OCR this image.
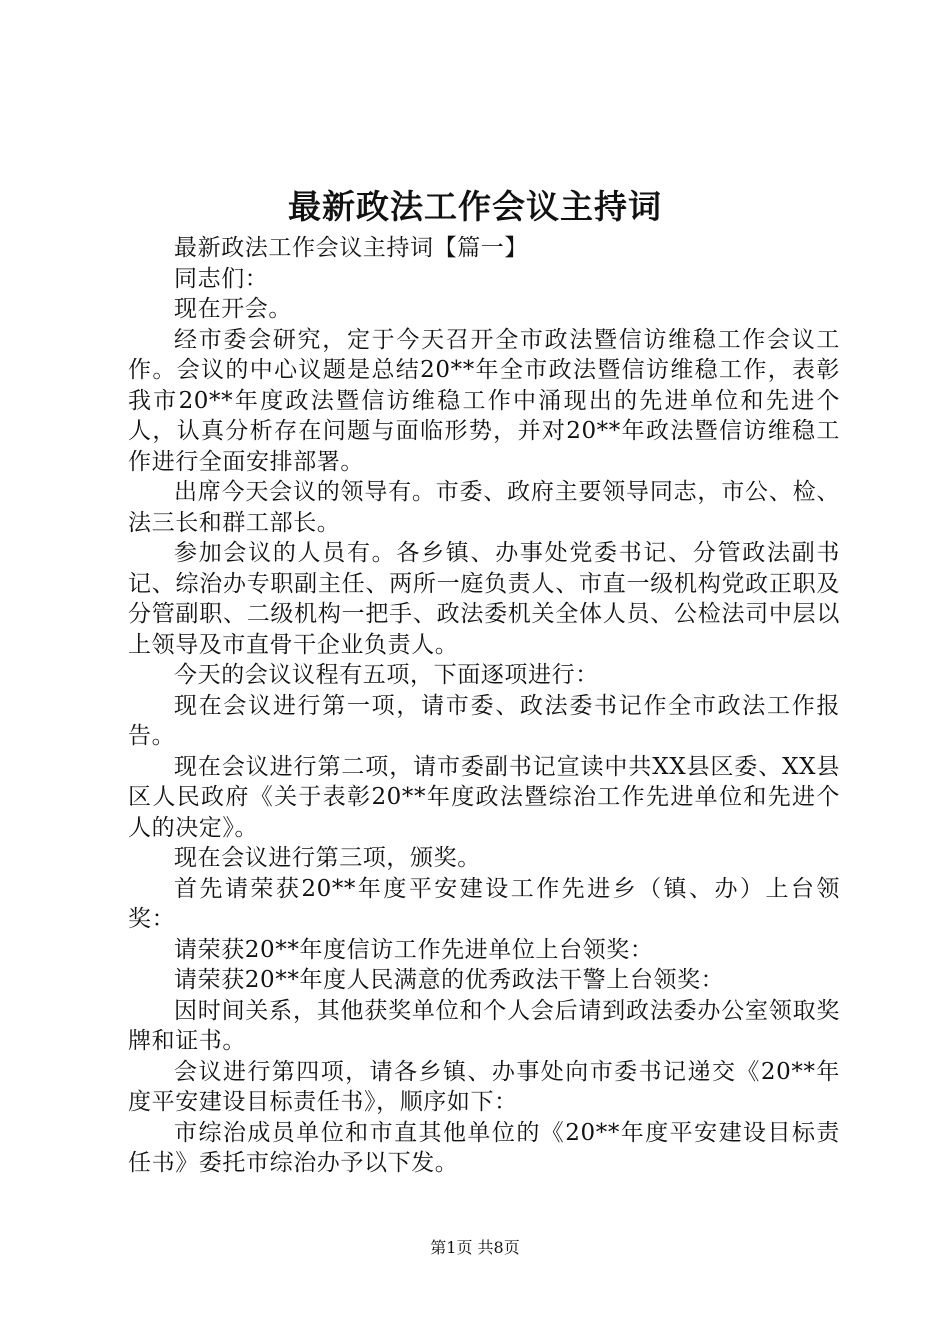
最新政法工作会议主持词

最新政法工作会议主持词【篇一】

同志们：

现在开会。

经市委会研究，定于今天召开全市政法暨信访维稳工作会议工作。会议的中心议题是总结20**年全市政法暨信访维稳工作，表彰我市20**年度政法暨信访维稳工作中涌现出的先进单位和先进个人，认真分析存在问题与面临形势，并对20**年政法暨信访维稳工作进行全面安排部署。

出席今天会议的领导有。市委、政府主要领导同志，市公、检、法三长和群工部长。

参加会议的人员有。各乡镇、办事处党委书记、分管政法副书记、综治办专职副主任、两所一庭负责人、市直一级机构党政正职及分管副职、二级机构一把手、政法委机关全体人员、公检法司中层以上领导及市直骨干企业负责人。

今天的会议议程有五项，下面逐项进行：

现在会议进行第一项，请市委、政法委书记作全市政法工作报告。

现在会议进行第二项，请市委副书记宣读中共XX县区委、XX县区人民政府《关于表彰20**年度政法暨综治工作先进单位和先进个人的决定》。

现在会议进行第三项，颁奖。

首先请荣获20**年度平安建设工作先进乡（镇、办）上台领奖：

请荣获20**年度信访工作先进单位上台领奖：

请荣获20**年度人民满意的优秀政法干警上台领奖：

因时间关系，其他获奖单位和个人会后请到政法委办公室领取奖牌和证书。

会议进行第四项，请各乡镇、办事处向市委书记递交《20**年度平安建设目标责任书》，顺序如下：

市综治成员单位和市直其他单位的《20**年度平安建设目标责任书》委托市综治办予以下发。

第1页 共8页
